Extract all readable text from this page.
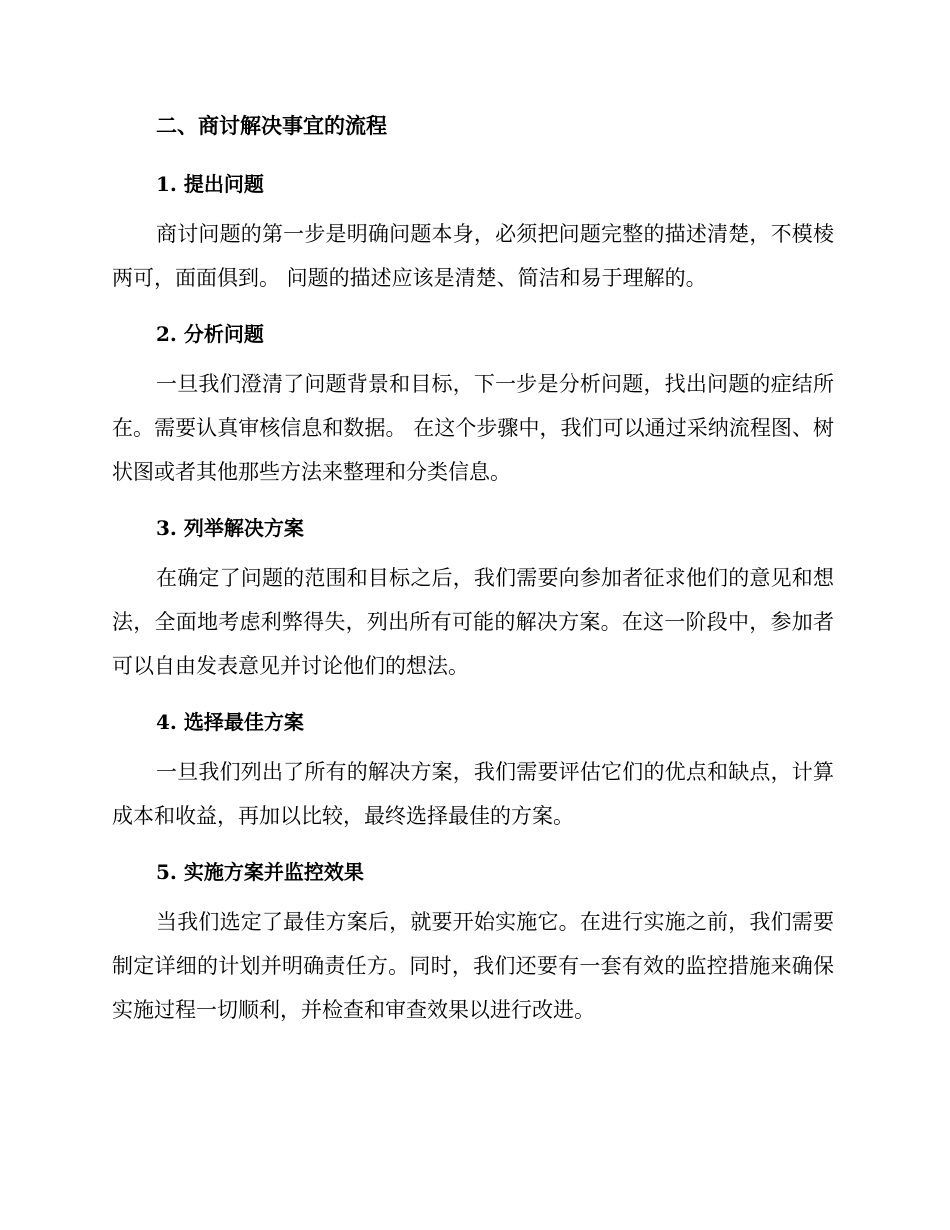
二、商讨解决事宜的流程
1. 提出问题

商讨问题的第一步是明确问题本身，必须把问题完整的描述清楚，不模棱两可，面面俱到。 问题的描述应该是清楚、简洁和易于理解的。

2. 分析问题

一旦我们澄清了问题背景和目标，下一步是分析问题，找出问题的症结所在。需要认真审核信息和数据。 在这个步骤中，我们可以通过采纳流程图、树状图或者其他那些方法来整理和分类信息。

3. 列举解决方案

在确定了问题的范围和目标之后，我们需要向参加者征求他们的意见和想法，全面地考虑利弊得失，列出所有可能的解决方案。在这一阶段中，参加者可以自由发表意见并讨论他们的想法。

4. 选择最佳方案

一旦我们列出了所有的解决方案，我们需要评估它们的优点和缺点，计算成本和收益，再加以比较，最终选择最佳的方案。

5. 实施方案并监控效果

当我们选定了最佳方案后，就要开始实施它。在进行实施之前，我们需要制定详细的计划并明确责任方。同时，我们还要有一套有效的监控措施来确保实施过程一切顺利，并检查和审查效果以进行改进。
